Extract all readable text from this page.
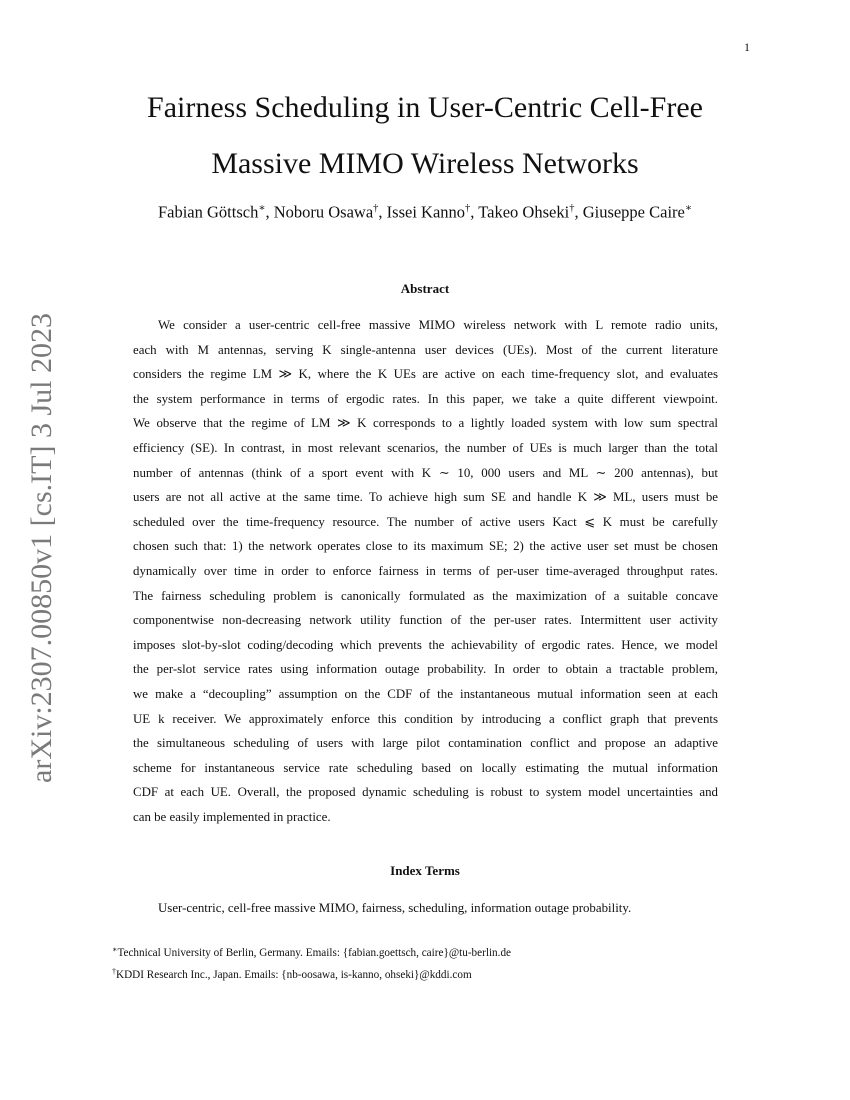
1
arXiv:2307.00850v1 [cs.IT] 3 Jul 2023
Fairness Scheduling in User-Centric Cell-Free
Massive MIMO Wireless Networks

Fabian Göttsch∗, Noboru Osawa†, Issei Kanno†, Takeo Ohseki†, Giuseppe Caire∗

Abstract
We consider a user-centric cell-free massive MIMO wireless network with L remote radio units,
each with M antennas, serving K single-antenna user devices (UEs). Most of the current literature
considers the regime LM ≫ K, where the K UEs are active on each time-frequency slot, and evaluates
the system performance in terms of ergodic rates. In this paper, we take a quite different viewpoint.
We observe that the regime of LM ≫ K corresponds to a lightly loaded system with low sum spectral
efficiency (SE). In contrast, in most relevant scenarios, the number of UEs is much larger than the total
number of antennas (think of a sport event with K ∼ 10, 000 users and ML ∼ 200 antennas), but
users are not all active at the same time. To achieve high sum SE and handle K ≫ ML, users must be
scheduled over the time-frequency resource. The number of active users Kact ⩽ K must be carefully
chosen such that: 1) the network operates close to its maximum SE; 2) the active user set must be chosen
dynamically over time in order to enforce fairness in terms of per-user time-averaged throughput rates.
The fairness scheduling problem is canonically formulated as the maximization of a suitable concave
componentwise non-decreasing network utility function of the per-user rates. Intermittent user activity
imposes slot-by-slot coding/decoding which prevents the achievability of ergodic rates. Hence, we model
the per-slot service rates using information outage probability. In order to obtain a tractable problem,
we make a “decoupling” assumption on the CDF of the instantaneous mutual information seen at each
UE k receiver. We approximately enforce this condition by introducing a conflict graph that prevents
the simultaneous scheduling of users with large pilot contamination conflict and propose an adaptive
scheme for instantaneous service rate scheduling based on locally estimating the mutual information
CDF at each UE. Overall, the proposed dynamic scheduling is robust to system model uncertainties and
can be easily implemented in practice.
Index Terms

User-centric, cell-free massive MIMO, fairness, scheduling, information outage probability.

∗Technical University of Berlin, Germany. Emails: {fabian.goettsch, caire}@tu-berlin.de

†KDDI Research Inc., Japan. Emails: {nb-oosawa, is-kanno, ohseki}@kddi.com
